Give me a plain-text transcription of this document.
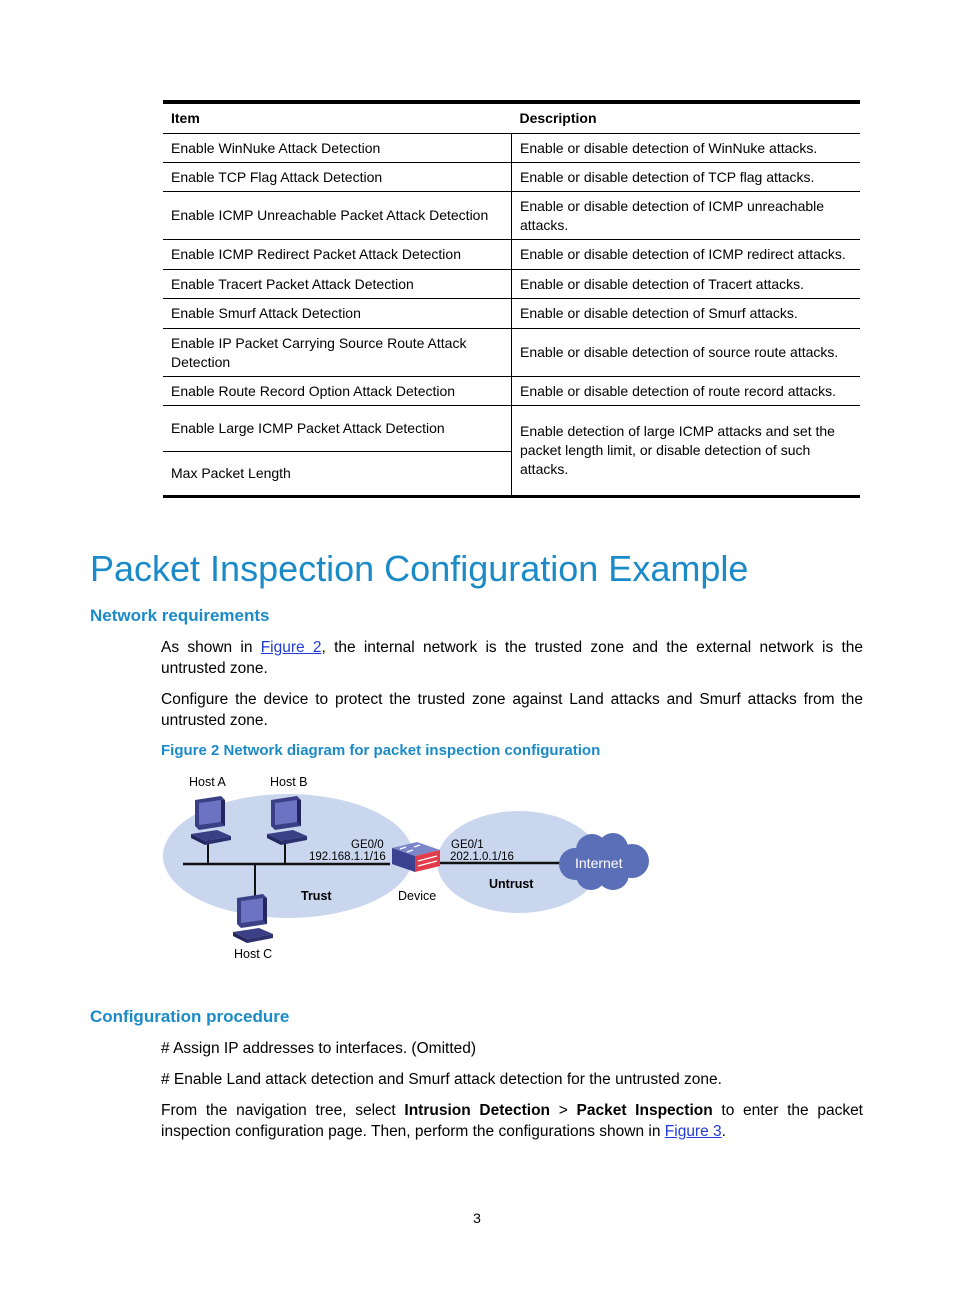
Item	Description
Enable WinNuke Attack Detection	Enable or disable detection of WinNuke attacks.
Enable TCP Flag Attack Detection	Enable or disable detection of TCP flag attacks.
Enable ICMP Unreachable Packet Attack Detection	Enable or disable detection of ICMP unreachable attacks.
Enable ICMP Redirect Packet Attack Detection	Enable or disable detection of ICMP redirect attacks.
Enable Tracert Packet Attack Detection	Enable or disable detection of Tracert attacks.
Enable Smurf Attack Detection	Enable or disable detection of Smurf attacks.
Enable IP Packet Carrying Source Route Attack Detection	Enable or disable detection of source route attacks.
Enable Route Record Option Attack Detection	Enable or disable detection of route record attacks.
Enable Large ICMP Packet Attack Detection	Enable detection of large ICMP attacks and set the packet length limit, or disable detection of such attacks.
Max Packet Length	
Packet Inspection Configuration Example
Network requirements

As shown in Figure 2, the internal network is the trusted zone and the external network is the untrusted zone.

Configure the device to protect the trusted zone against Land attacks and Smurf attacks from the untrusted zone.

Figure 2 Network diagram for packet inspection configuration
Host A	Host B
Host C
GE0/0
192.168.1.1/16
GE0/1
202.1.0.1/16
Trust
Untrust
Device
Internet
Configuration procedure

# Assign IP addresses to interfaces. (Omitted)

# Enable Land attack detection and Smurf attack detection for the untrusted zone.

From the navigation tree, select Intrusion Detection > Packet Inspection to enter the packet inspection configuration page. Then, perform the configurations shown in Figure 3.

3
